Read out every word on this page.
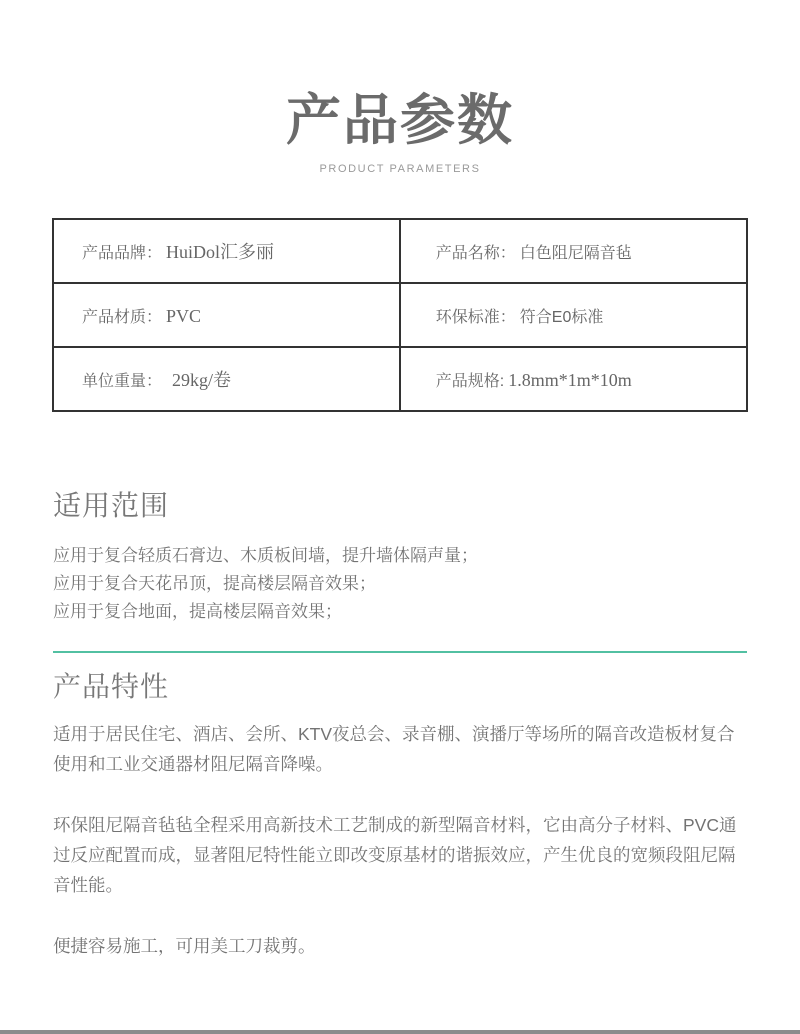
产品参数
PRODUCT PARAMETERS
产品品牌： HuiDol汇多丽	产品名称： 白色阻尼隔音毡
产品材质： PVC	环保标准： 符合E0标准
单位重量： 29kg/卷	产品规格: 1.8mm*1m*10m
适用范围
应用于复合轻质石膏边、木质板间墙，提升墙体隔声量；
应用于复合天花吊顶，提高楼层隔音效果；
应用于复合地面，提高楼层隔音效果；
产品特性

适用于居民住宅、酒店、会所、KTV夜总会、录音棚、演播厅等场所的隔音改造板材复合使用和工业交通器材阻尼隔音降噪。

环保阻尼隔音毡毡全程采用高新技术工艺制成的新型隔音材料，它由高分子材料、PVC通过反应配置而成，显著阻尼特性能立即改变原基材的谐振效应，产生优良的宽频段阻尼隔音性能。

便捷容易施工，可用美工刀裁剪。
